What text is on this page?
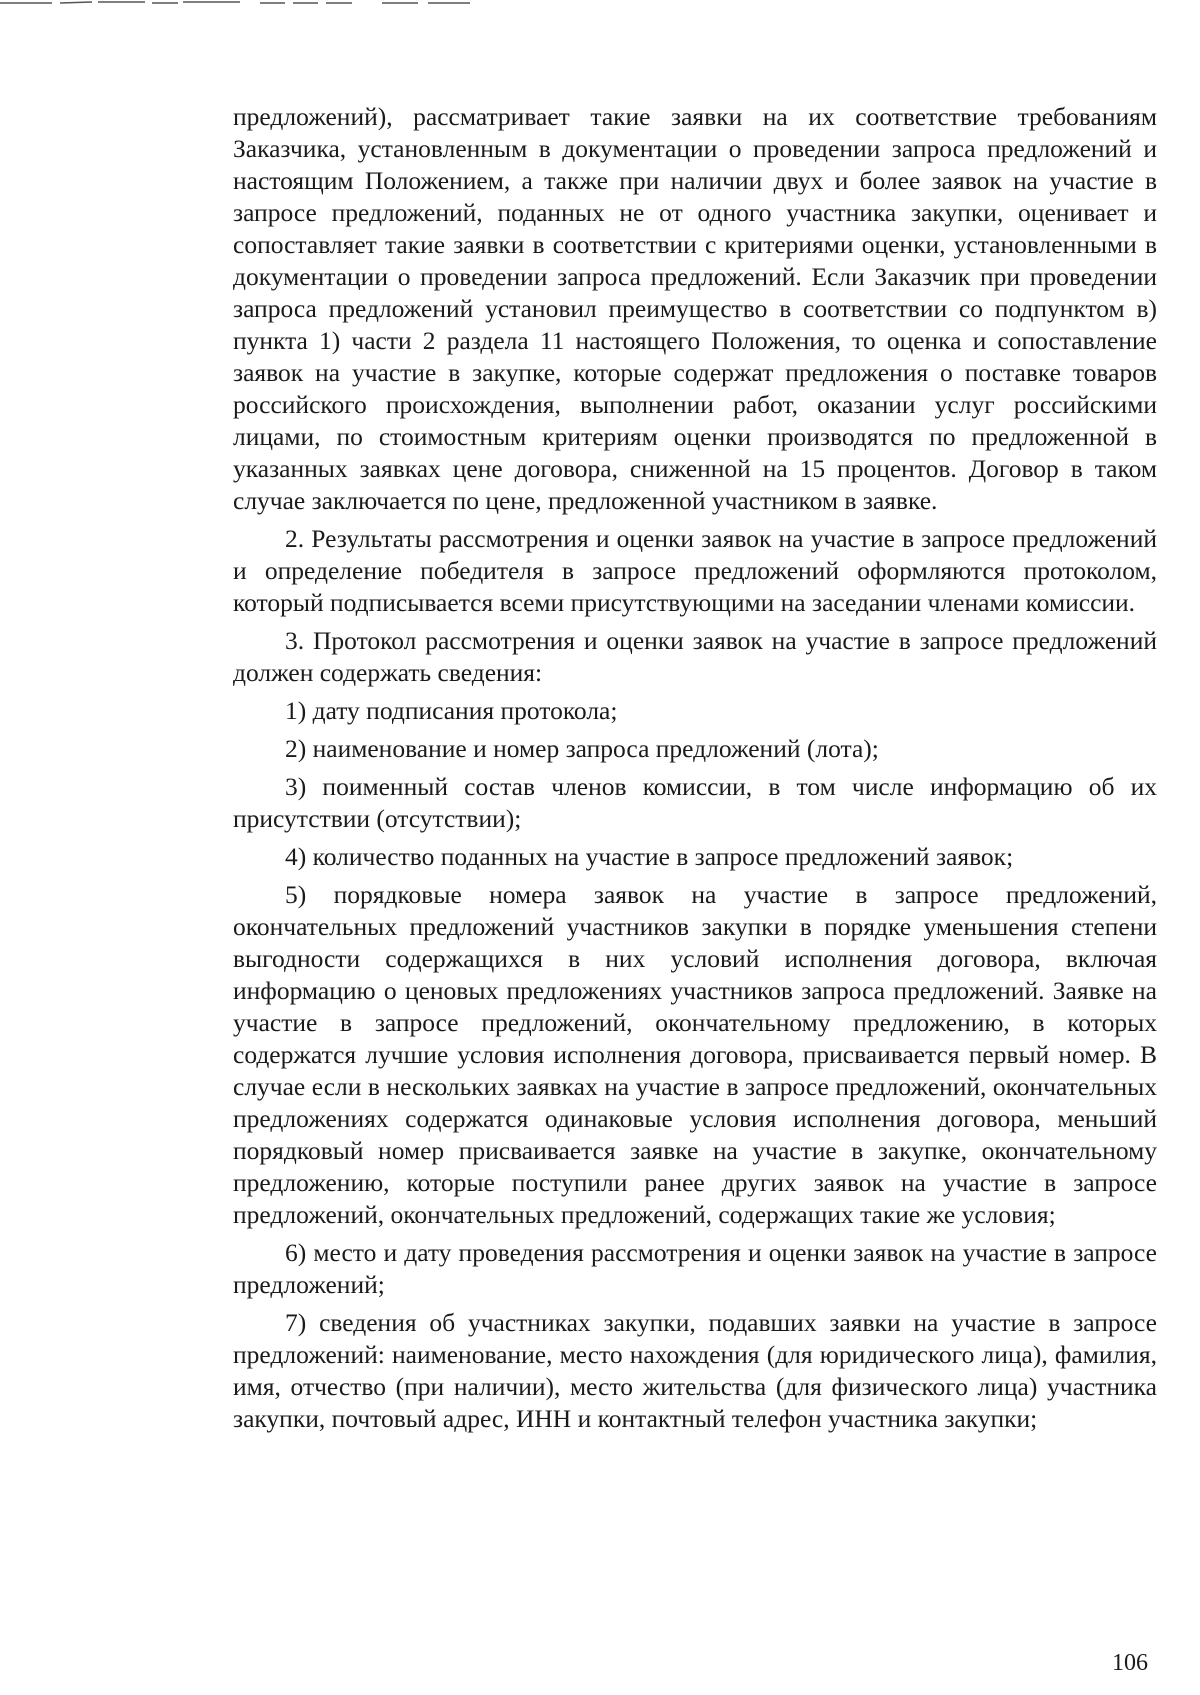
предложений), рассматривает такие заявки на их соответствие требованиям Заказчика, установленным в документации о проведении запроса предложений и настоящим Положением, а также при наличии двух и более заявок на участие в запросе предложений, поданных не от одного участника закупки, оценивает и сопоставляет такие заявки в соответствии с критериями оценки, установленными в документации о проведении запроса предложений. Если Заказчик при проведении запроса предложений установил преимущество в соответствии со подпунктом в) пункта 1) части 2 раздела 11 настоящего Положения, то оценка и сопоставление заявок на участие в закупке, которые содержат предложения о поставке товаров российского происхождения, выполнении работ, оказании услуг российскими лицами, по стоимостным критериям оценки производятся по предложенной в указанных заявках цене договора, сниженной на 15 процентов. Договор в таком случае заключается по цене, предложенной участником в заявке.

2. Результаты рассмотрения и оценки заявок на участие в запросе предложений и определение победителя в запросе предложений оформляются протоколом, который подписывается всеми присутствующими на заседании членами комиссии.

3. Протокол рассмотрения и оценки заявок на участие в запросе предложений должен содержать сведения:

1) дату подписания протокола;

2) наименование и номер запроса предложений (лота);

3) поименный состав членов комиссии, в том числе информацию об их присутствии (отсутствии);

4) количество поданных на участие в запросе предложений заявок;

5) порядковые номера заявок на участие в запросе предложений, окончательных предложений участников закупки в порядке уменьшения степени выгодности содержащихся в них условий исполнения договора, включая информацию о ценовых предложениях участников запроса предложений. Заявке на участие в запросе предложений, окончательному предложению, в которых содержатся лучшие условия исполнения договора, присваивается первый номер. В случае если в нескольких заявках на участие в запросе предложений, окончательных предложениях содержатся одинаковые условия исполнения договора, меньший порядковый номер присваивается заявке на участие в закупке, окончательному предложению, которые поступили ранее других заявок на участие в запросе предложений, окончательных предложений, содержащих такие же условия;

6) место и дату проведения рассмотрения и оценки заявок на участие в запросе предложений;

7) сведения об участниках закупки, подавших заявки на участие в запросе предложений: наименование, место нахождения (для юридического лица), фамилия, имя, отчество (при наличии), место жительства (для физического лица) участника закупки, почтовый адрес, ИНН и контактный телефон участника закупки;

106
